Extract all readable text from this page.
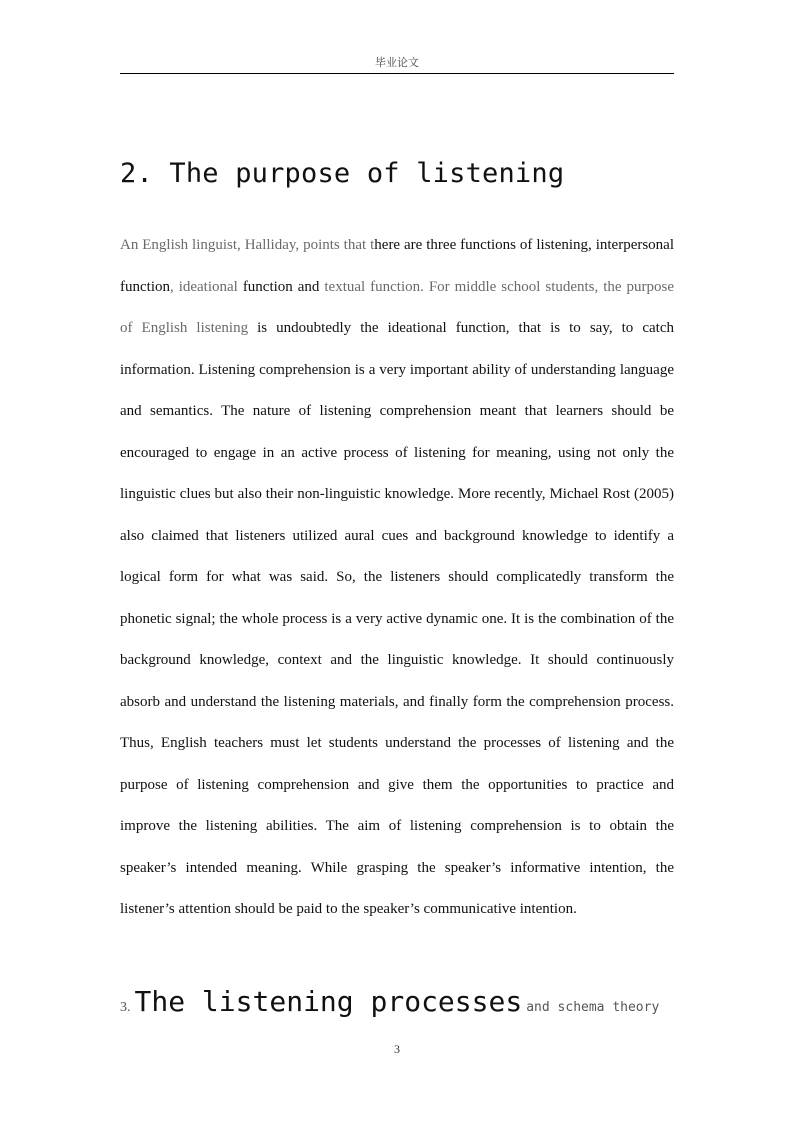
毕业论文
2. The purpose of listening

An English linguist, Halliday, points that there are three functions of listening, interpersonal function, ideational function and textual function. For middle school students, the purpose of English listening is undoubtedly the ideational function, that is to say, to catch information. Listening comprehension is a very important ability of understanding language and semantics. The nature of listening comprehension meant that learners should be encouraged to engage in an active process of listening for meaning, using not only the linguistic clues but also their non-linguistic knowledge. More recently, Michael Rost (2005) also claimed that listeners utilized aural cues and background knowledge to identify a logical form for what was said. So, the listeners should complicatedly transform the phonetic signal; the whole process is a very active dynamic one. It is the combination of the background knowledge, context and the linguistic knowledge. It should continuously absorb and understand the listening materials, and finally form the comprehension process. Thus, English teachers must let students understand the processes of listening and the purpose of listening comprehension and give them the opportunities to practice and improve the listening abilities. The aim of listening comprehension is to obtain the speaker’s intended meaning. While grasping the speaker’s informative intention, the listener’s attention should be paid to the speaker’s communicative intention.

3. The listening processes and schema theory
3
